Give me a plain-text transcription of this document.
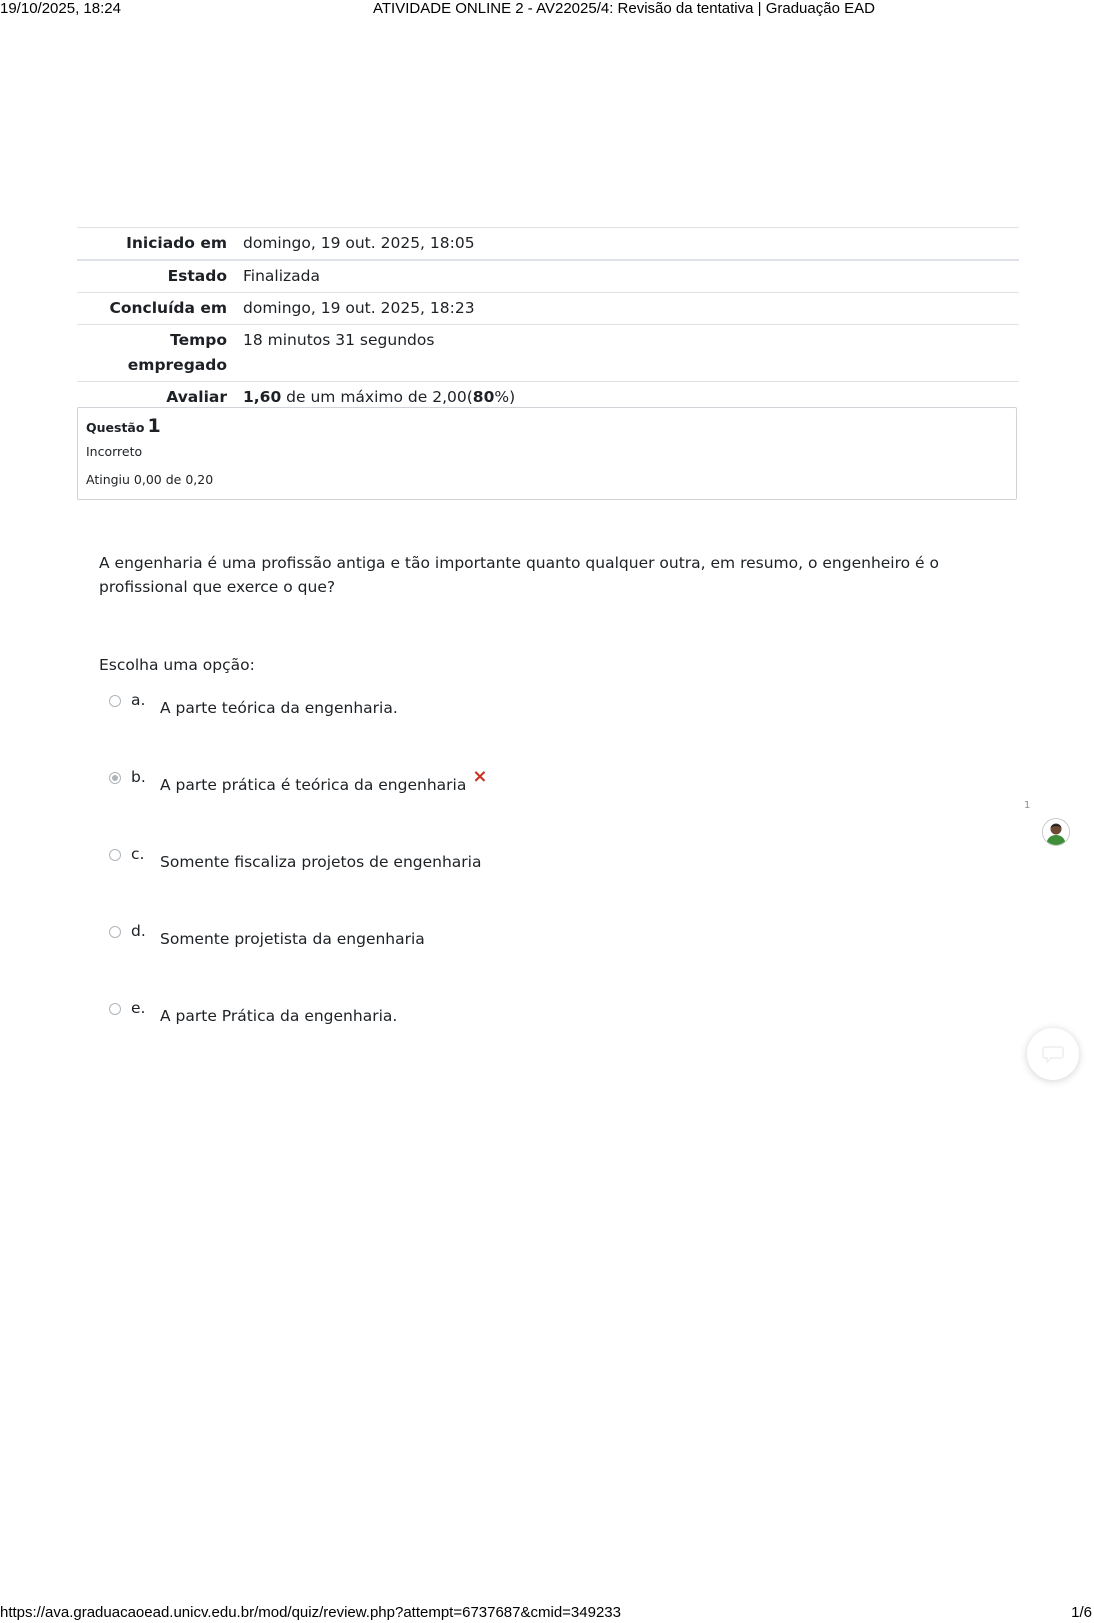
19/10/2025, 18:24	ATIVIDADE ONLINE 2 - AV22025/4: Revisão da tentativa | Graduação EAD
Iniciado em	domingo, 19 out. 2025, 18:05
Estado	Finalizada
Concluída em	domingo, 19 out. 2025, 18:23
Tempo
empregado	18 minutos 31 segundos
Avaliar	1,60 de um máximo de 2,00(80%)
Questão 1
Incorreto
Atingiu 0,00 de 0,20
A engenharia é uma profissão antiga e tão importante quanto qualquer outra, em resumo, o engenheiro é o profissional que exerce o que?
Escolha uma opção:
a. A parte teórica da engenharia.
b. A parte prática é teórica da engenharia ×
c. Somente fiscaliza projetos de engenharia
d. Somente projetista da engenharia
e. A parte Prática da engenharia.
1
https://ava.graduacaoead.unicv.edu.br/mod/quiz/review.php?attempt=6737687&cmid=349233	1/6
